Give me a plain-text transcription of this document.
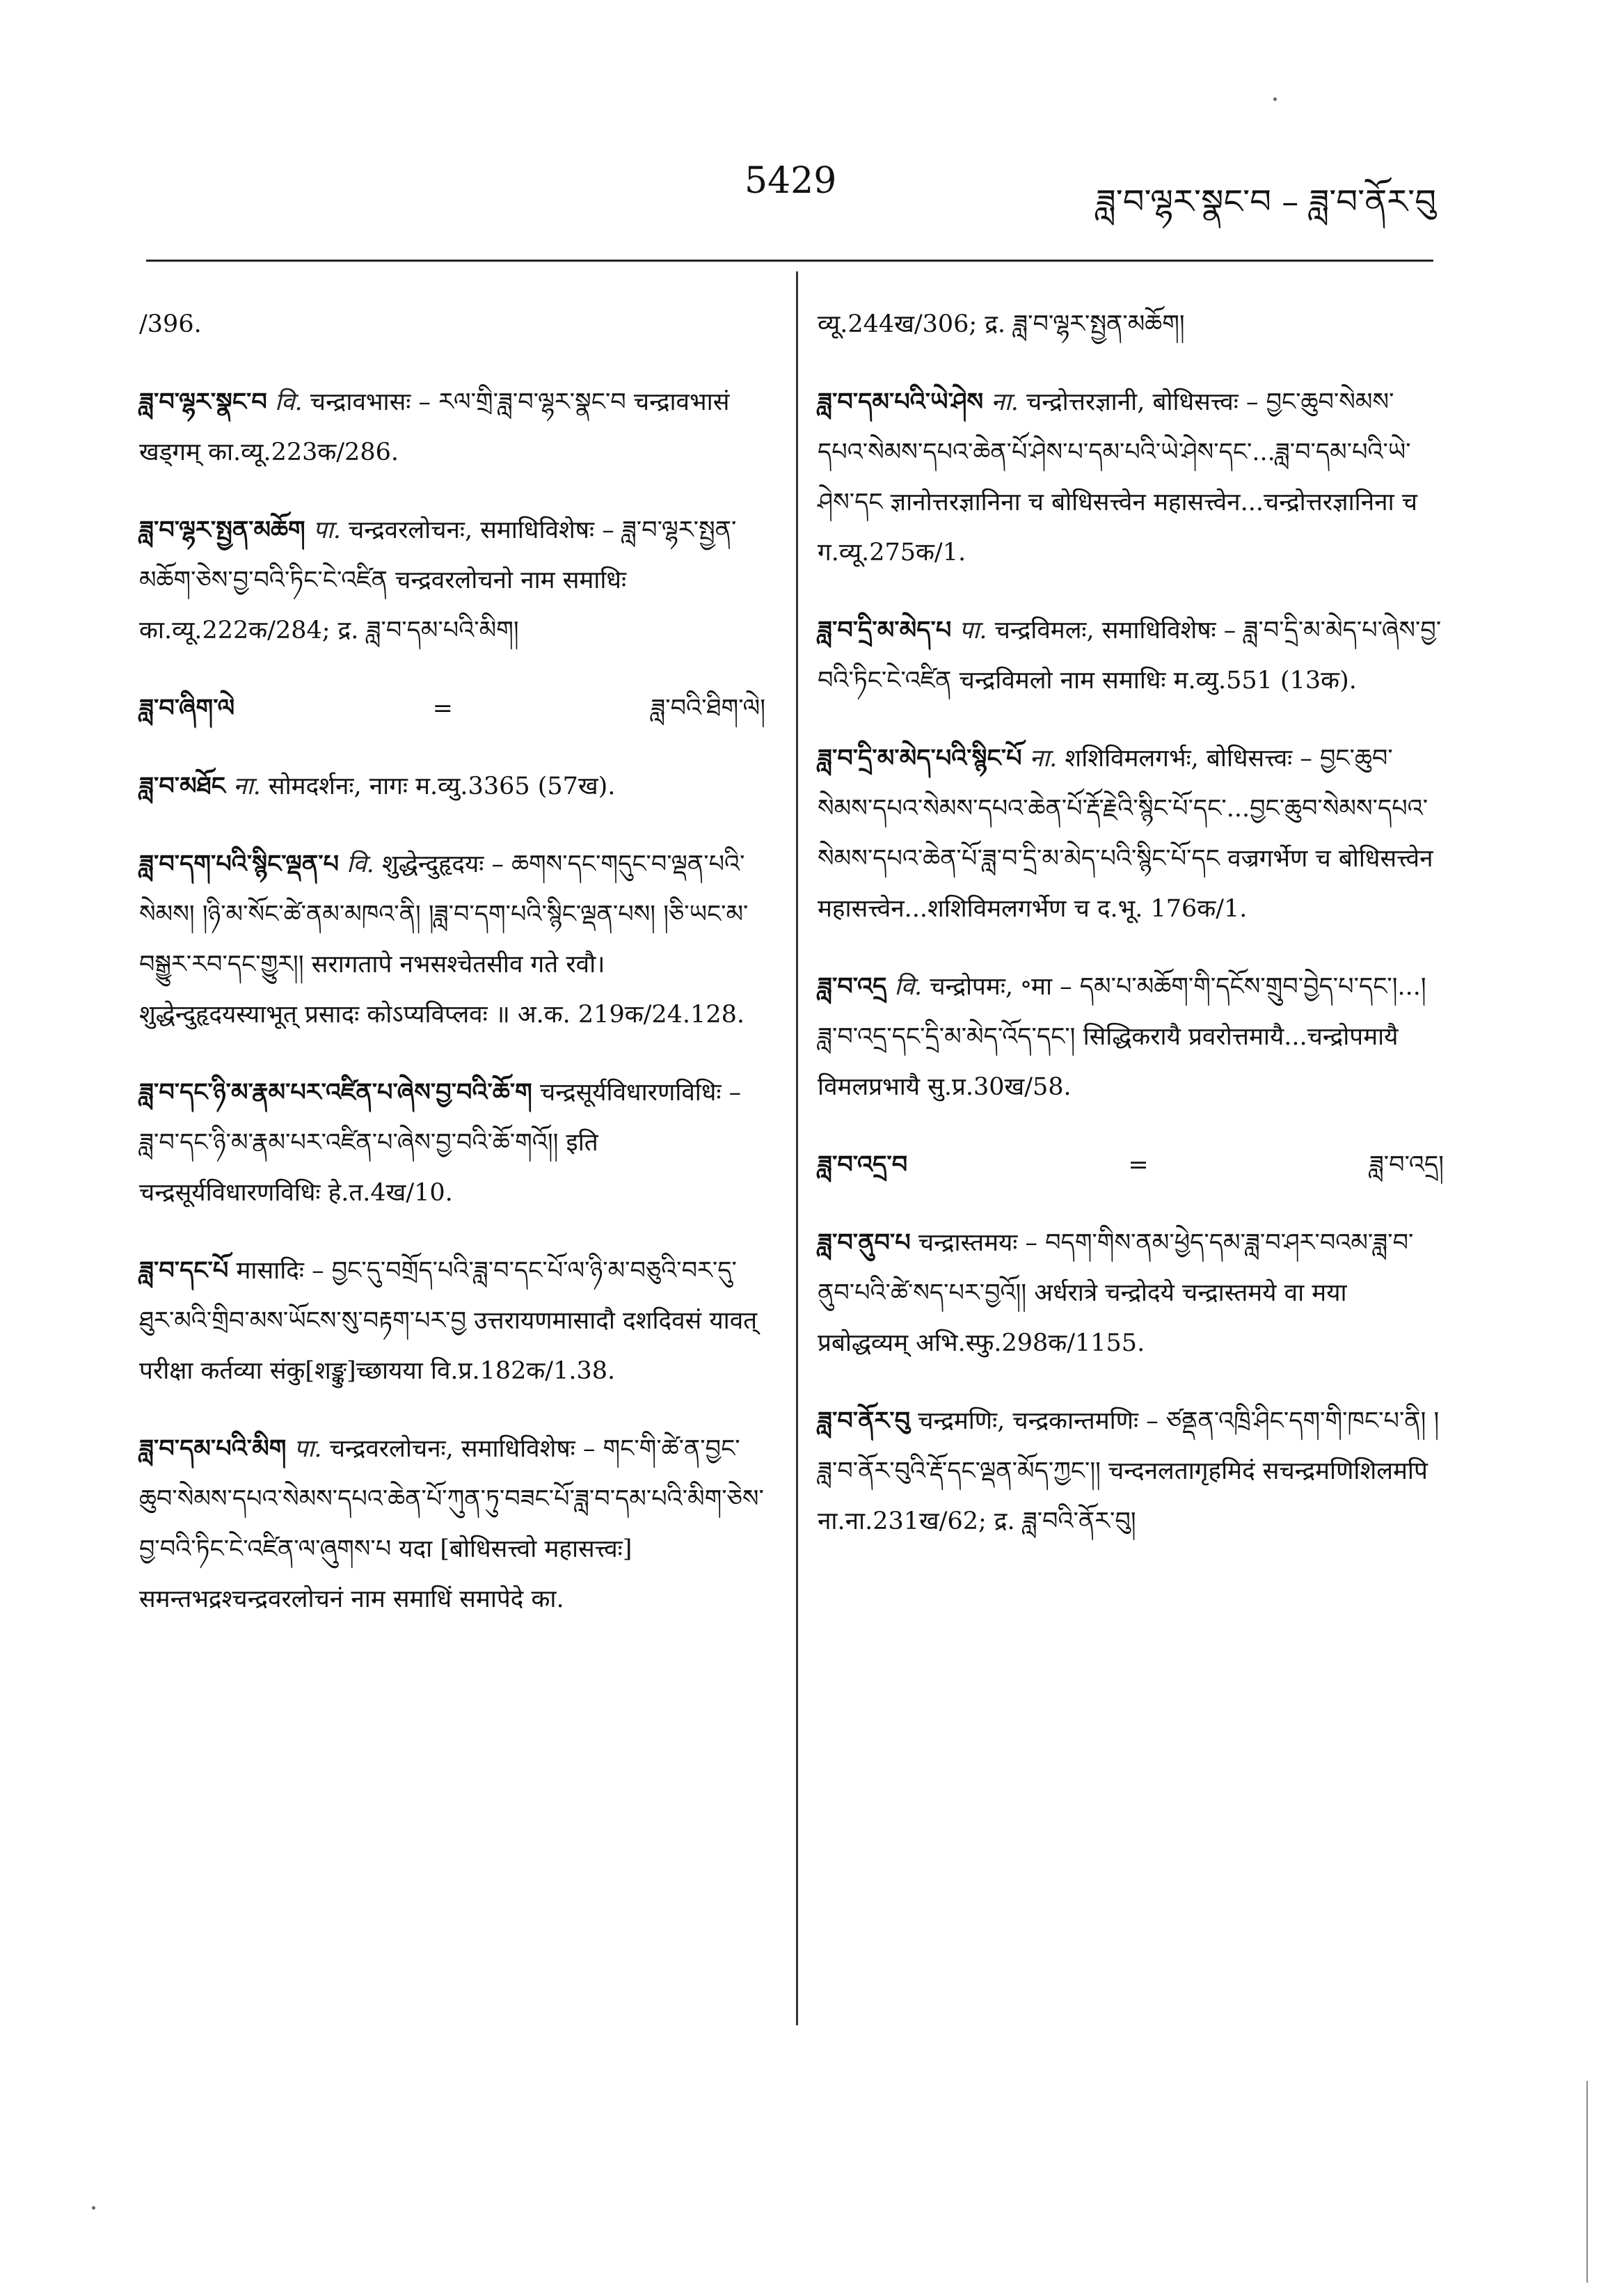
5429	ཟླ་བ་ལྷར་སྣང་བ – ཟླ་བ་ནོར་བུ
/396.
ཟླ་བ་ལྷར་སྣང་བ वि. चन्द्रावभासः – རལ་གྲི་ཟླ་བ་ལྷར་སྣང་བ चन्द्रावभासं खड्गम् का.व्यू.223क/286.
ཟླ་བ་ལྷར་སྤྱན་མཆོག पा. चन्द्रवरलोचनः, समाधिविशेषः – ཟླ་བ་ལྷར་སྤྱན་མཆོག་ཅེས་བྱ་བའི་ཏིང་ངེ་འཛིན चन्द्रवरलोचनो नाम समाधिः का.व्यू.222क/284; द्र. ཟླ་བ་དམ་པའི་མིག།
ཟླ་བ་ཞིག་ལེ	=	ཟླ་བའི་ཐིག་ལེ།
ཟླ་བ་མཐོང ना. सोमदर्शनः, नागः म.व्यु.3365 (57ख).
ཟླ་བ་དག་པའི་སྙིང་ལྡན་པ वि. शुद्धेन्दुहृदयः – ཆགས་དང་གདུང་བ་ལྡན་པའི་སེམས། །ཉི་མ་སོང་ཚེ་ནམ་མཁའ་ནི། །ཟླ་བ་དག་པའི་སྙིང་ལྡན་པས། །ཅི་ཡང་མ་བསྒྱུར་རབ་དང་གྱུར།། सरागतापे नभसश्चेतसीव गते रवौ। शुद्धेन्दुहृदयस्याभूत् प्रसादः कोऽप्यविप्लवः ॥ अ.क. 219क/24.128.
ཟླ་བ་དང་ཉི་མ་རྣམ་པར་འཛིན་པ་ཞེས་བྱ་བའི་ཆོ་ག चन्द्रसूर्यविधारणविधिः – ཟླ་བ་དང་ཉི་མ་རྣམ་པར་འཛིན་པ་ཞེས་བྱ་བའི་ཆོ་གའོ།། इति चन्द्रसूर्यविधारणविधिः हे.त.4ख/10.
ཟླ་བ་དང་པོ मासादिः – བྱང་དུ་བགྲོད་པའི་ཟླ་བ་དང་པོ་ལ་ཉི་མ་བཅུའི་བར་དུ་ཐུར་མའི་གྲིབ་མས་ཡོངས་སུ་བརྟག་པར་བྱ उत्तरायणमासादौ दशदिवसं यावत् परीक्षा कर्तव्या संकु[शङ्कु]च्छायया वि.प्र.182क/1.38.
ཟླ་བ་དམ་པའི་མིག पा. चन्द्रवरलोचनः, समाधिविशेषः – གང་གི་ཚེ་ན་བྱང་ཆུབ་སེམས་དཔའ་སེམས་དཔའ་ཆེན་པོ་ཀུན་ཏུ་བཟང་པོ་ཟླ་བ་དམ་པའི་མིག་ཅེས་བྱ་བའི་ཏིང་ངེ་འཛིན་ལ་ཞུགས་པ यदा [बोधिसत्त्वो महासत्त्वः] समन्तभद्रश्चन्द्रवरलोचनं नाम समाधिं समापेदे का.
व्यू.244ख/306; द्र. ཟླ་བ་ལྷར་སྤྱན་མཆོག།
ཟླ་བ་དམ་པའི་ཡེ་ཤེས ना. चन्द्रोत्तरज्ञानी, बोधिसत्त्वः – བྱང་ཆུབ་སེམས་དཔའ་སེམས་དཔའ་ཆེན་པོ་ཤེས་པ་དམ་པའི་ཡེ་ཤེས་དང་...ཟླ་བ་དམ་པའི་ཡེ་ཤེས་དང ज्ञानोत्तरज्ञानिना च बोधिसत्त्वेन महासत्त्वेन...चन्द्रोत्तरज्ञानिना च ग.व्यू.275क/1.
ཟླ་བ་དྲི་མ་མེད་པ पा. चन्द्रविमलः, समाधिविशेषः – ཟླ་བ་དྲི་མ་མེད་པ་ཞེས་བྱ་བའི་ཏིང་ངེ་འཛིན चन्द्रविमलो नाम समाधिः म.व्यु.551 (13क).
ཟླ་བ་དྲི་མ་མེད་པའི་སྙིང་པོ ना. शशिविमलगर्भः, बोधिसत्त्वः – བྱང་ཆུབ་སེམས་དཔའ་སེམས་དཔའ་ཆེན་པོ་རྡོ་རྗེའི་སྙིང་པོ་དང་...བྱང་ཆུབ་སེམས་དཔའ་སེམས་དཔའ་ཆེན་པོ་ཟླ་བ་དྲི་མ་མེད་པའི་སྙིང་པོ་དང वज्रगर्भेण च बोधिसत्त्वेन महासत्त्वेन...शशिविमलगर्भेण च द.भू. 176क/1.
ཟླ་བ་འདྲ वि. चन्द्रोपमः, ॰मा – དམ་པ་མཆོག་གི་དངོས་གྲུབ་བྱེད་པ་དང་།...།ཟླ་བ་འདྲ་དང་དྲི་མ་མེད་འོད་དང་། सिद्धिकरायै प्रवरोत्तमायै...चन्द्रोपमायै विमलप्रभायै सु.प्र.30ख/58.
ཟླ་བ་འདྲ་བ	=	ཟླ་བ་འདྲ།
ཟླ་བ་ནུབ་པ चन्द्रास्तमयः – བདག་གིས་ནམ་ཕྱེད་དམ་ཟླ་བ་ཤར་བའམ་ཟླ་བ་ནུབ་པའི་ཚེ་སད་པར་བྱའོ།། अर्धरात्रे चन्द्रोदये चन्द्रास्तमये वा मया प्रबोद्धव्यम् अभि.स्फु.298क/1155.
ཟླ་བ་ནོར་བུ चन्द्रमणिः, चन्द्रकान्तमणिः – ཙནྡན་འཁྲི་ཤིང་དག་གི་ཁང་པ་ནི། །ཟླ་བ་ནོར་བུའི་རྡོ་དང་ལྡན་མོད་ཀྱང་།། चन्दनलतागृहमिदं सचन्द्रमणिशिलमपि ना.ना.231ख/62; द्र. ཟླ་བའི་ནོར་བུ།
